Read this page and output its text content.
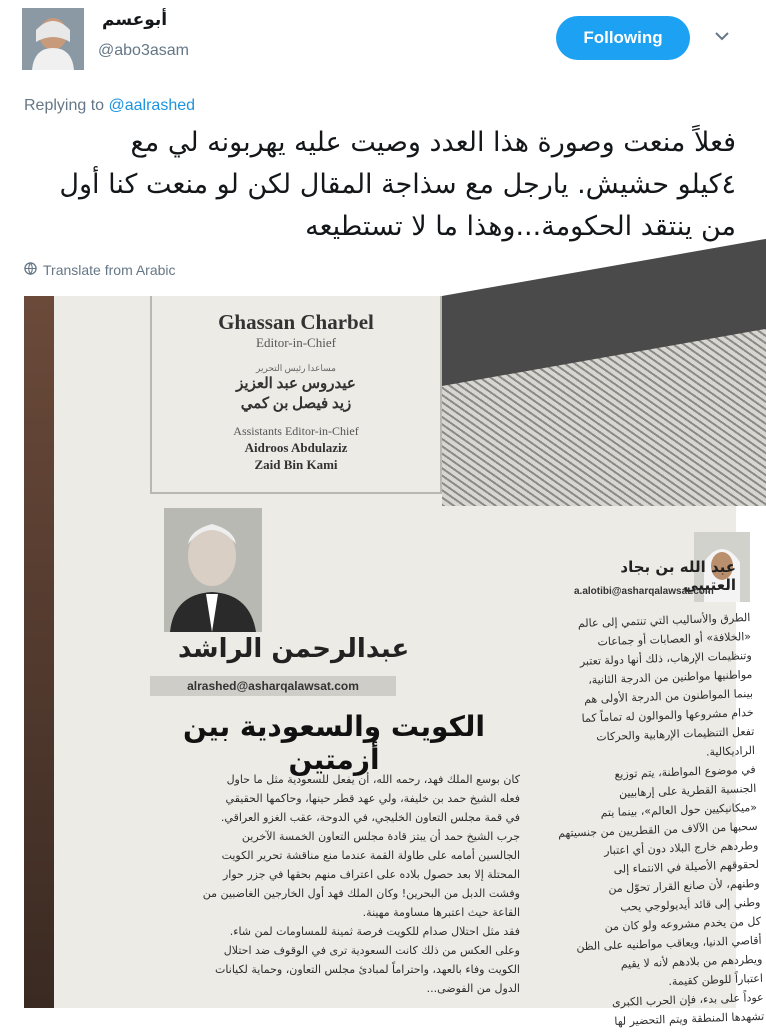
أبوعسم
@abo3asam
Following
Replying to @aalrashed
فعلاً منعت وصورة هذا العدد وصيت عليه يهربونه لي مع
٤كيلو حشيش. يارجل مع سذاجة المقال لكن لو منعت كنا أول
من ينتقد الحكومة...وهذا ما لا تستطيعه
Translate from Arabic
Ghassan Charbel
Editor-in-Chief
مساعدا رئيس التحرير
عيدروس عبد العزيز
زيد فيصل بن كمي
Assistants Editor-in-Chief
Aidroos Abdulaziz
Zaid Bin Kami
عبدالرحمن الراشد
alrashed@asharqalawsat.com
الكويت والسعودية بين أزمتين
كان بوسع الملك فهد، رحمه الله، أن يفعل للسعودية مثل ما حاول
فعله الشيخ حمد بن خليفة، ولي عهد قطر حينها، وحاكمها الحقيقي
في قمة مجلس التعاون الخليجي، في الدوحة، عقب الغزو العراقي.
جرب الشيخ حمد أن يبتز قادة مجلس التعاون الخمسة الآخرين
الجالسين أمامه على طاولة القمة عندما منع مناقشة تحرير الكويت
المحتلة إلا بعد حصول بلاده على اعتراف منهم بحقها في جزر حوار
وفشت الدبل من البحرين! وكان الملك فهد أول الخارجين الغاضبين من
القاعة حيث اعتبرها مساومة مهينة.
فقد مثل احتلال صدام للكويت فرصة ثمينة للمساومات لمن شاء.
وعلى العكس من ذلك كانت السعودية ترى في الوقوف ضد احتلال
الكويت وفاء بالعهد، واحتراماً لمبادئ مجلس التعاون، وحماية لكيانات
الدول من الفوضى...
عبد الله بن بجاد العتيبي
a.alotibi@asharqalawsat.com
الطرق والأساليب التي تنتمي إلى عالم
«الخلافة» أو العصابات أو جماعات
وتنظيمات الإرهاب، ذلك أنها دولة تعتبر
مواطنيها مواطنين من الدرجة الثانية،
بينما المواطنون من الدرجة الأولى هم
خدام مشروعها والموالون له تماماً كما
تفعل التنظيمات الإرهابية والحركات
الراديكالية.
في موضوع المواطنة، يتم توزيع
الجنسية القطرية على إرهابيين
«ميكانيكيين حول العالم»، بينما يتم
سحبها من الآلاف من القطريين من جنسيتهم
وطردهم خارج البلاد دون أي اعتبار
لحقوقهم الأصيلة في الانتماء إلى
وطنهم، لأن صانع القرار تحوّل من
وطني إلى قائد أيديولوجي يحب
كل من يخدم مشروعه ولو كان من
أقاصي الدنيا، ويعاقب مواطنيه على الظن
ويطردهم من بلادهم لأنه لا يقيم
اعتباراً للوطن كقيمة.
عوداً على بدء، فإن الحرب الكبرى
تشهدها المنطقة ويتم التحضير لها
